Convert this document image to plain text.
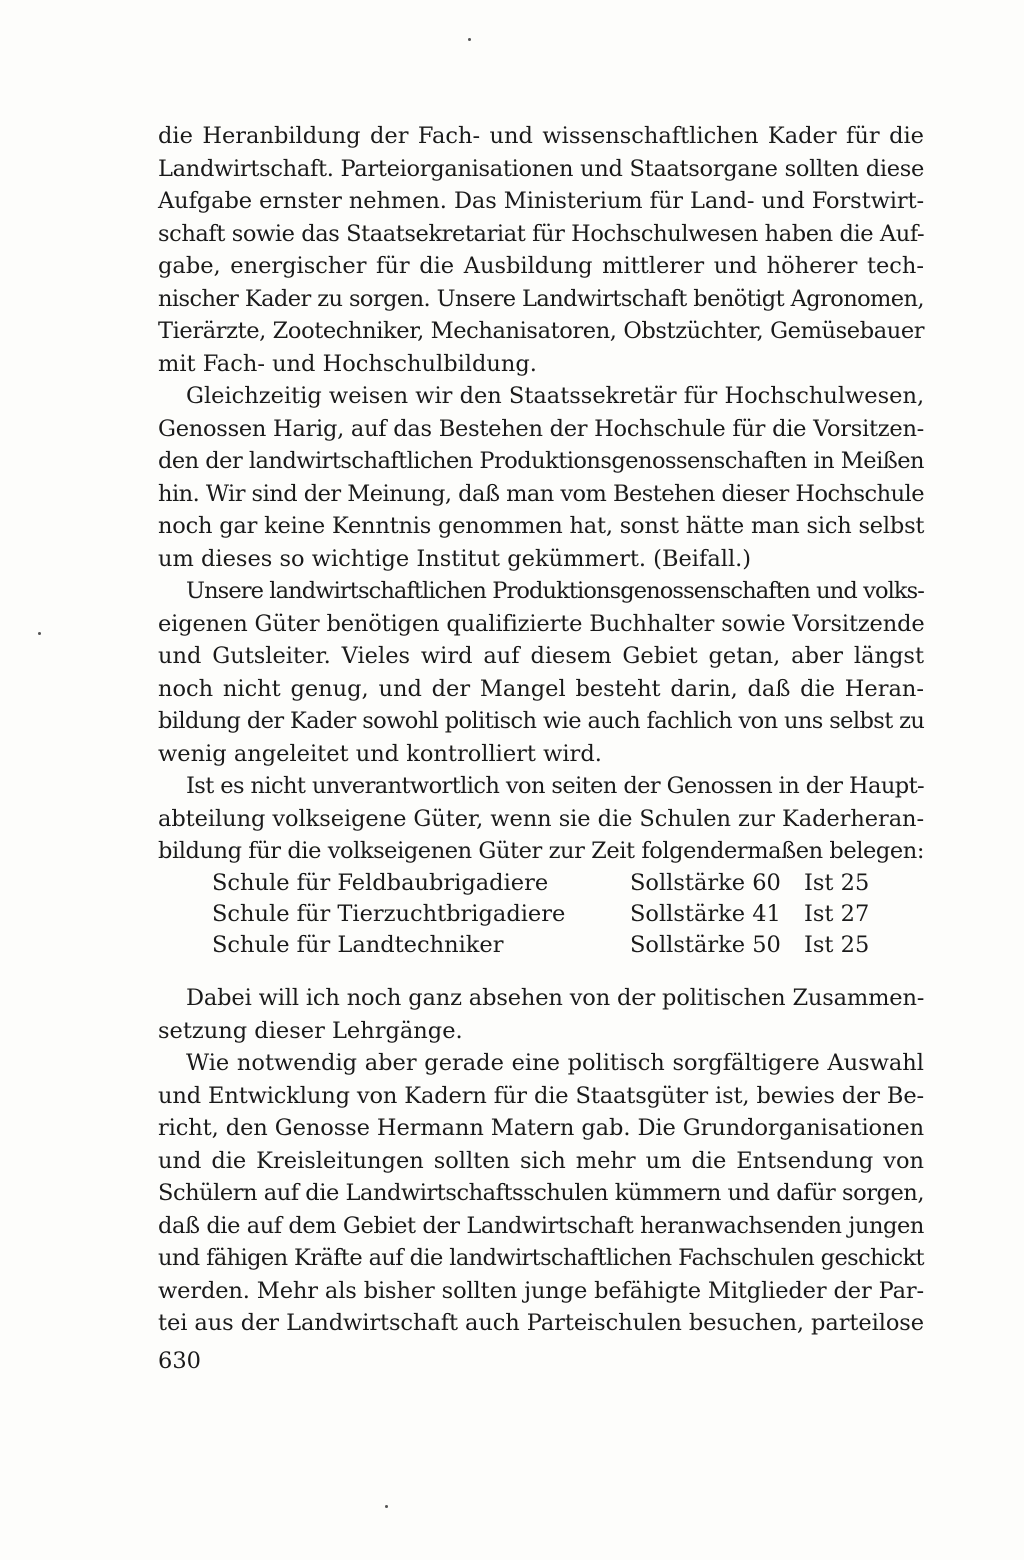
die Heranbildung der Fach- und wissenschaftlichen Kader für die
Landwirtschaft. Parteiorganisationen und Staatsorgane sollten diese
Aufgabe ernster nehmen. Das Ministerium für Land- und Forstwirt-
schaft sowie das Staatsekretariat für Hochschulwesen haben die Auf-
gabe, energischer für die Ausbildung mittlerer und höherer tech-
nischer Kader zu sorgen. Unsere Landwirtschaft benötigt Agronomen,
Tierärzte, Zootechniker, Mechanisatoren, Obstzüchter, Gemüsebauer
mit Fach- und Hochschulbildung.
Gleichzeitig weisen wir den Staatssekretär für Hochschulwesen,
Genossen Harig, auf das Bestehen der Hochschule für die Vorsitzen-
den der landwirtschaftlichen Produktionsgenossenschaften in Meißen
hin. Wir sind der Meinung, daß man vom Bestehen dieser Hochschule
noch gar keine Kenntnis genommen hat, sonst hätte man sich selbst
um dieses so wichtige Institut gekümmert. (Beifall.)
Unsere landwirtschaftlichen Produktionsgenossenschaften und volks-
eigenen Güter benötigen qualifizierte Buchhalter sowie Vorsitzende
und Gutsleiter. Vieles wird auf diesem Gebiet getan, aber längst
noch nicht genug, und der Mangel besteht darin, daß die Heran-
bildung der Kader sowohl politisch wie auch fachlich von uns selbst zu
wenig angeleitet und kontrolliert wird.
Ist es nicht unverantwortlich von seiten der Genossen in der Haupt-
abteilung volkseigene Güter, wenn sie die Schulen zur Kaderheran-
bildung für die volkseigenen Güter zur Zeit folgendermaßen belegen:
Schule für Feldbaubrigadiere	Sollstärke 60	Ist 25
Schule für Tierzuchtbrigadiere	Sollstärke 41	Ist 27
Schule für Landtechniker	Sollstärke 50	Ist 25
Dabei will ich noch ganz absehen von der politischen Zusammen-
setzung dieser Lehrgänge.
Wie notwendig aber gerade eine politisch sorgfältigere Auswahl
und Entwicklung von Kadern für die Staatsgüter ist, bewies der Be-
richt, den Genosse Hermann Matern gab. Die Grundorganisationen
und die Kreisleitungen sollten sich mehr um die Entsendung von
Schülern auf die Landwirtschaftsschulen kümmern und dafür sorgen,
daß die auf dem Gebiet der Landwirtschaft heranwachsenden jungen
und fähigen Kräfte auf die landwirtschaftlichen Fachschulen geschickt
werden. Mehr als bisher sollten junge befähigte Mitglieder der Par-
tei aus der Landwirtschaft auch Parteischulen besuchen, parteilose
630
